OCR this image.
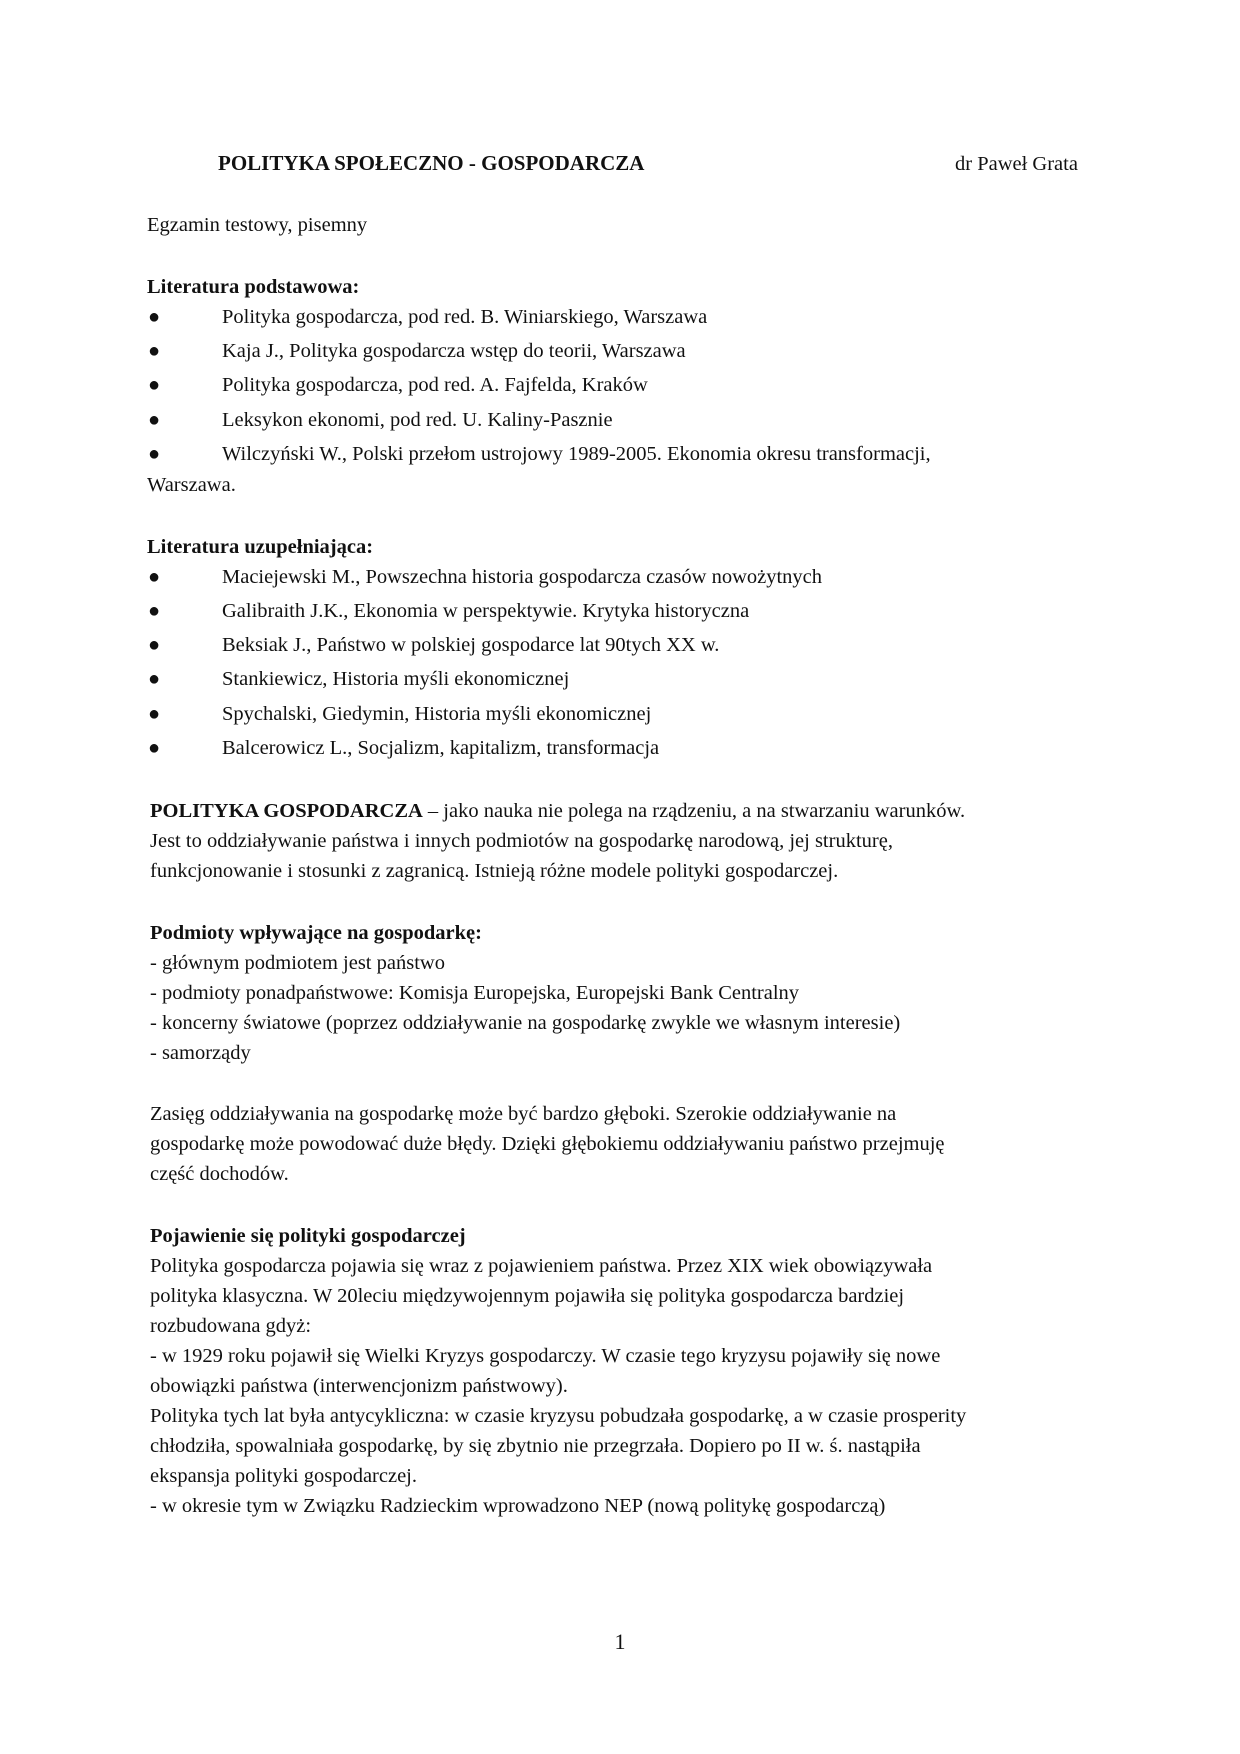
POLITYKA SPOŁECZNO - GOSPODARCZA	dr Paweł Grata
Egzamin testowy, pisemny
Literatura podstawowa:
●	Polityka gospodarcza, pod red. B. Winiarskiego, Warszawa
●	Kaja J., Polityka gospodarcza wstęp do teorii, Warszawa
●	Polityka gospodarcza, pod red. A. Fajfelda, Kraków
●	Leksykon ekonomi, pod red. U. Kaliny-Pasznie
●	Wilczyński W., Polski przełom ustrojowy 1989-2005. Ekonomia okresu transformacji,
Warszawa.
Literatura uzupełniająca:
●	Maciejewski M., Powszechna historia gospodarcza czasów nowożytnych
●	Galibraith J.K., Ekonomia w perspektywie. Krytyka historyczna
●	Beksiak J., Państwo w polskiej gospodarce lat 90tych XX w.
●	Stankiewicz, Historia myśli ekonomicznej
●	Spychalski, Giedymin, Historia myśli ekonomicznej
●	Balcerowicz L., Socjalizm, kapitalizm, transformacja
POLITYKA GOSPODARCZA – jako nauka nie polega na rządzeniu, a na stwarzaniu warunków.
Jest to oddziaływanie państwa i innych podmiotów na gospodarkę narodową, jej strukturę,
funkcjonowanie i stosunki z zagranicą. Istnieją różne modele polityki gospodarczej.
Podmioty wpływające na gospodarkę:
- głównym podmiotem jest państwo
- podmioty ponadpaństwowe: Komisja Europejska, Europejski Bank Centralny
- koncerny światowe (poprzez oddziaływanie na gospodarkę zwykle we własnym interesie)
- samorządy
Zasięg oddziaływania na gospodarkę może być bardzo głęboki. Szerokie oddziaływanie na
gospodarkę może powodować duże błędy. Dzięki głębokiemu oddziaływaniu państwo przejmuję
część dochodów.
Pojawienie się polityki gospodarczej
Polityka gospodarcza pojawia się wraz z pojawieniem państwa. Przez XIX wiek obowiązywała
polityka klasyczna. W 20leciu międzywojennym pojawiła się polityka gospodarcza bardziej
rozbudowana gdyż:
- w 1929 roku pojawił się Wielki Kryzys gospodarczy. W czasie tego kryzysu pojawiły się nowe
obowiązki państwa (interwencjonizm państwowy).
Polityka tych lat była antycykliczna: w czasie kryzysu pobudzała gospodarkę, a w czasie prosperity
chłodziła, spowalniała gospodarkę, by się zbytnio nie przegrzała. Dopiero po II w. ś. nastąpiła
ekspansja polityki gospodarczej.
- w okresie tym w Związku Radzieckim wprowadzono NEP (nową politykę gospodarczą)
1
